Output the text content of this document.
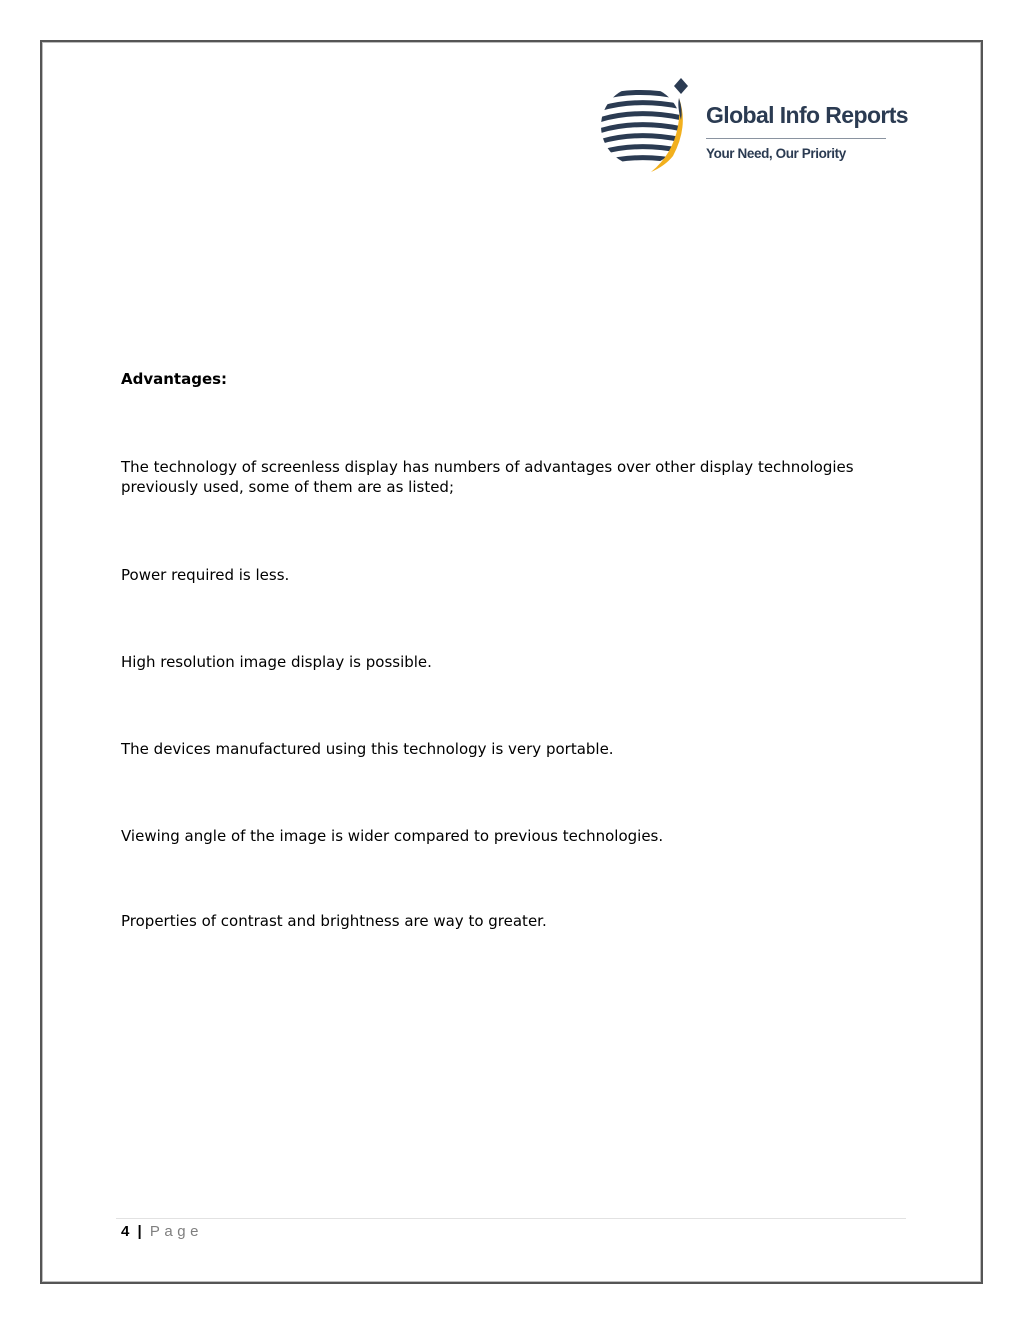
Global Info Reports
Your Need, Our Priority
Advantages:

The technology of screenless display has numbers of advantages over other display technologies previously used, some of them are as listed;

Power required is less.

High resolution image display is possible.

The devices manufactured using this technology is very portable.

Viewing angle of the image is wider compared to previous technologies.

Properties of contrast and brightness are way to greater.

4 | Page
